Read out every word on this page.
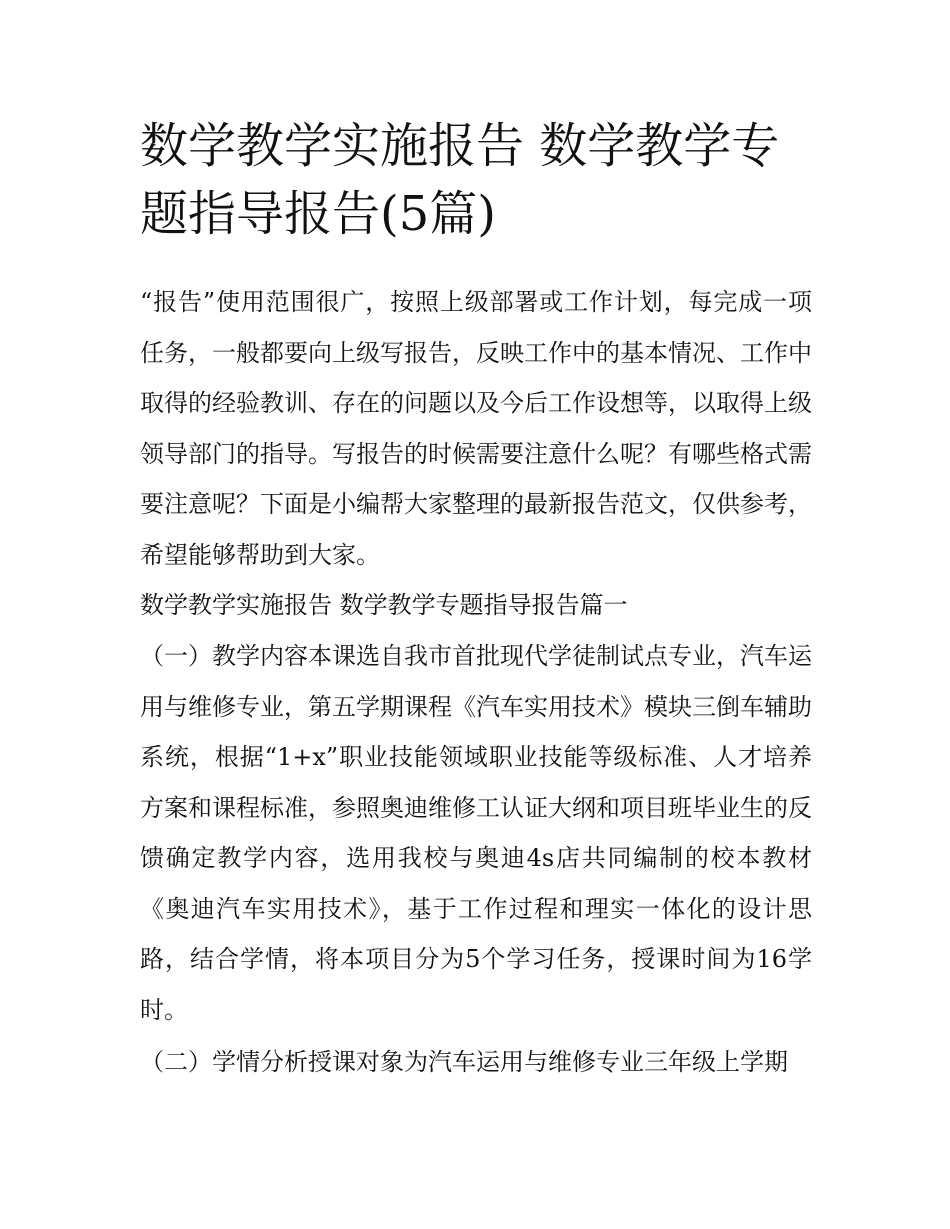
数学教学实施报告 数学教学专题指导报告(5篇)

“报告”使用范围很广，按照上级部署或工作计划，每完成一项任务，一般都要向上级写报告，反映工作中的基本情况、工作中取得的经验教训、存在的问题以及今后工作设想等，以取得上级领导部门的指导。写报告的时候需要注意什么呢？有哪些格式需要注意呢？下面是小编帮大家整理的最新报告范文，仅供参考，希望能够帮助到大家。

数学教学实施报告 数学教学专题指导报告篇一

（一）教学内容本课选自我市首批现代学徒制试点专业，汽车运用与维修专业，第五学期课程《汽车实用技术》模块三倒车辅助系统，根据“1+x”职业技能领域职业技能等级标准、人才培养方案和课程标准，参照奥迪维修工认证大纲和项目班毕业生的反馈确定教学内容，选用我校与奥迪4s店共同编制的校本教材《奥迪汽车实用技术》，基于工作过程和理实一体化的设计思路，结合学情，将本项目分为5个学习任务，授课时间为16学时。

（二）学情分析授课对象为汽车运用与维修专业三年级上学期
